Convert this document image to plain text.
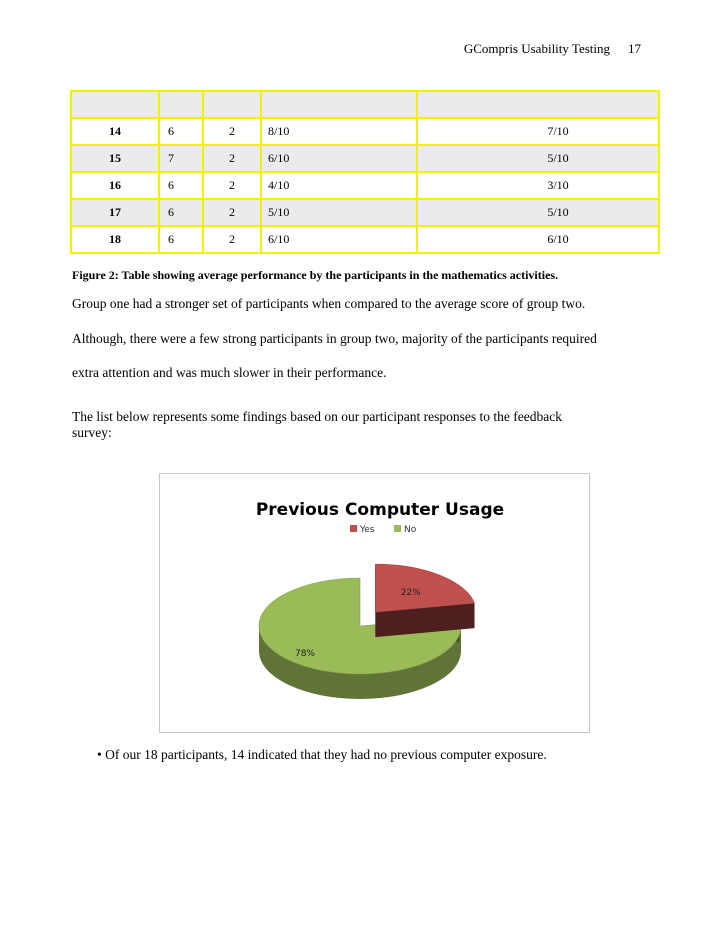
GCompris Usability Testing 17

14	6	2	8/10	7/10
15	7	2	6/10	5/10
16	6	2	4/10	3/10
17	6	2	5/10	5/10
18	6	2	6/10	6/10
Figure 2: Table showing average performance by the participants in the mathematics activities.
Group one had a stronger set of participants when compared to the average score of group two.
Although, there were a few strong participants in group two, majority of the participants required
extra attention and was much slower in their performance.
The list below represents some findings based on our participant responses to the feedback
survey:
Previous Computer Usage
Yes	No
22%
78%
• Of our 18 participants, 14 indicated that they had no previous computer exposure.
